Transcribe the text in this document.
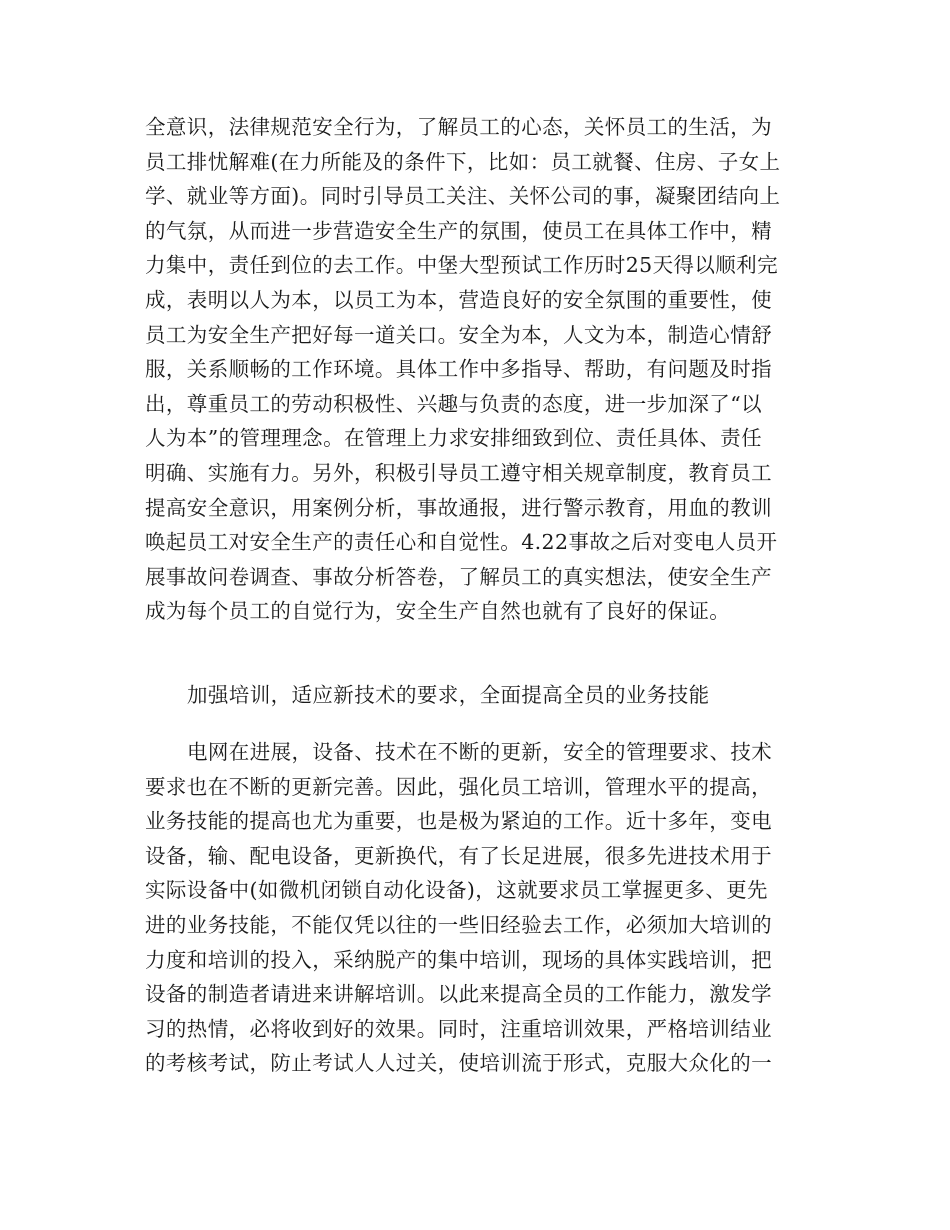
全意识，法律规范安全行为，了解员工的心态，关怀员工的生活，为
员工排忧解难(在力所能及的条件下，比如：员工就餐、住房、子女上
学、就业等方面)。同时引导员工关注、关怀公司的事，凝聚团结向上
的气氛，从而进一步营造安全生产的氛围，使员工在具体工作中，精
力集中，责任到位的去工作。中堡大型预试工作历时25天得以顺利完
成，表明以人为本，以员工为本，营造良好的安全氛围的重要性，使
员工为安全生产把好每一道关口。安全为本，人文为本，制造心情舒
服，关系顺畅的工作环境。具体工作中多指导、帮助，有问题及时指
出，尊重员工的劳动积极性、兴趣与负责的态度，进一步加深了“以
人为本”的管理理念。在管理上力求安排细致到位、责任具体、责任
明确、实施有力。另外，积极引导员工遵守相关规章制度，教育员工
提高安全意识，用案例分析，事故通报，进行警示教育，用血的教训
唤起员工对安全生产的责任心和自觉性。4.22事故之后对变电人员开
展事故问卷调查、事故分析答卷，了解员工的真实想法，使安全生产
成为每个员工的自觉行为，安全生产自然也就有了良好的保证。
加强培训，适应新技术的要求，全面提高全员的业务技能
电网在进展，设备、技术在不断的更新，安全的管理要求、技术
要求也在不断的更新完善。因此，强化员工培训，管理水平的提高，
业务技能的提高也尤为重要，也是极为紧迫的工作。近十多年，变电
设备，输、配电设备，更新换代，有了长足进展，很多先进技术用于
实际设备中(如微机闭锁自动化设备)，这就要求员工掌握更多、更先
进的业务技能，不能仅凭以往的一些旧经验去工作，必须加大培训的
力度和培训的投入，采纳脱产的集中培训，现场的具体实践培训，把
设备的制造者请进来讲解培训。以此来提高全员的工作能力，激发学
习的热情，必将收到好的效果。同时，注重培训效果，严格培训结业
的考核考试，防止考试人人过关，使培训流于形式，克服大众化的一
